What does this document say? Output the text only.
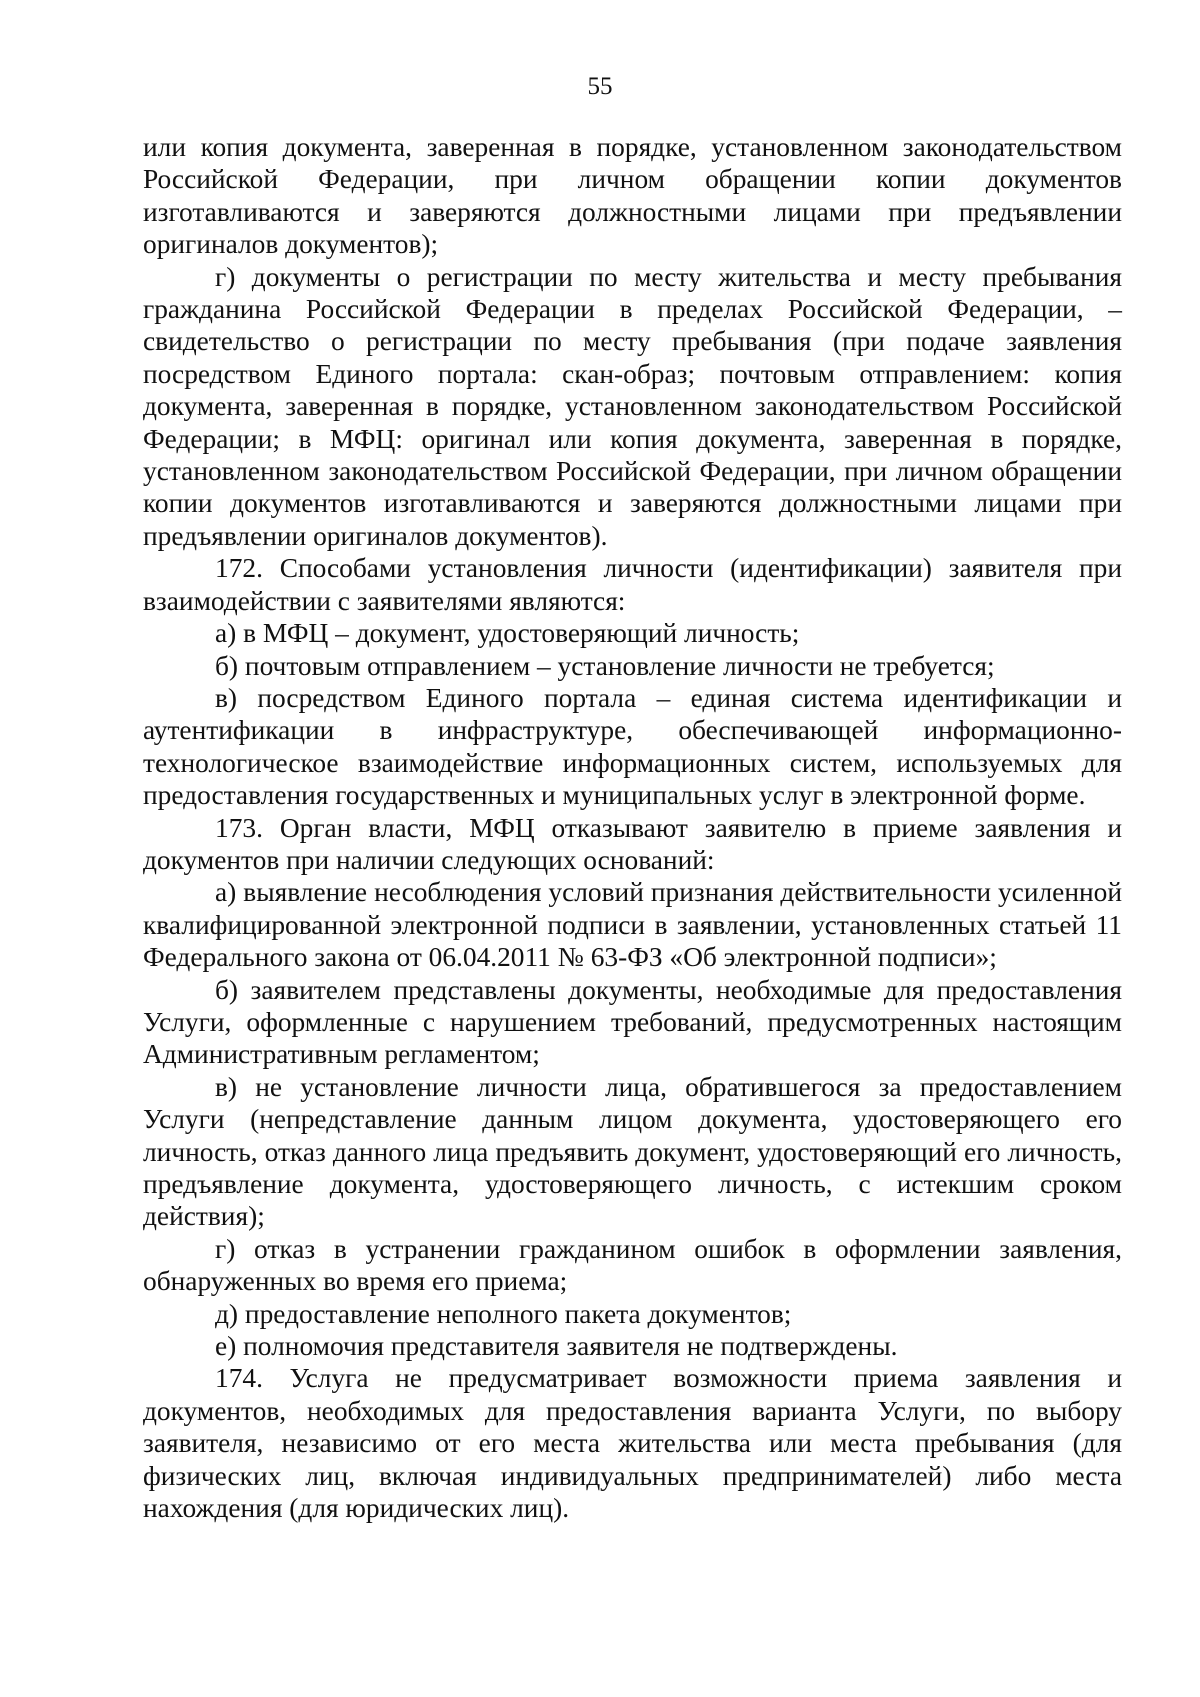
55

или копия документа, заверенная в порядке, установленном законодательством Российской Федерации, при личном обращении копии документов изготавливаются и заверяются должностными лицами при предъявлении оригиналов документов);

г) документы о регистрации по месту жительства и месту пребывания гражданина Российской Федерации в пределах Российской Федерации, – свидетельство о регистрации по месту пребывания (при подаче заявления посредством Единого портала: скан-образ; почтовым отправлением: копия документа, заверенная в порядке, установленном законодательством Российской Федерации; в МФЦ: оригинал или копия документа, заверенная в порядке, установленном законодательством Российской Федерации, при личном обращении копии документов изготавливаются и заверяются должностными лицами при предъявлении оригиналов документов).

172. Способами установления личности (идентификации) заявителя при взаимодействии с заявителями являются:

а) в МФЦ – документ, удостоверяющий личность;

б) почтовым отправлением – установление личности не требуется;

в) посредством Единого портала – единая система идентификации и аутентификации в инфраструктуре, обеспечивающей информационно-технологическое взаимодействие информационных систем, используемых для предоставления государственных и муниципальных услуг в электронной форме.

173. Орган власти, МФЦ отказывают заявителю в приеме заявления и документов при наличии следующих оснований:

а) выявление несоблюдения условий признания действительности усиленной квалифицированной электронной подписи в заявлении, установленных статьей 11 Федерального закона от 06.04.2011 № 63-ФЗ «Об электронной подписи»;

б) заявителем представлены документы, необходимые для предоставления Услуги, оформленные с нарушением требований, предусмотренных настоящим Административным регламентом;

в) не установление личности лица, обратившегося за предоставлением Услуги (непредставление данным лицом документа, удостоверяющего его личность, отказ данного лица предъявить документ, удостоверяющий его личность, предъявление документа, удостоверяющего личность, с истекшим сроком действия);

г) отказ в устранении гражданином ошибок в оформлении заявления, обнаруженных во время его приема;

д) предоставление неполного пакета документов;

е) полномочия представителя заявителя не подтверждены.

174. Услуга не предусматривает возможности приема заявления и документов, необходимых для предоставления варианта Услуги, по выбору заявителя, независимо от его места жительства или места пребывания (для физических лиц, включая индивидуальных предпринимателей) либо места нахождения (для юридических лиц).
